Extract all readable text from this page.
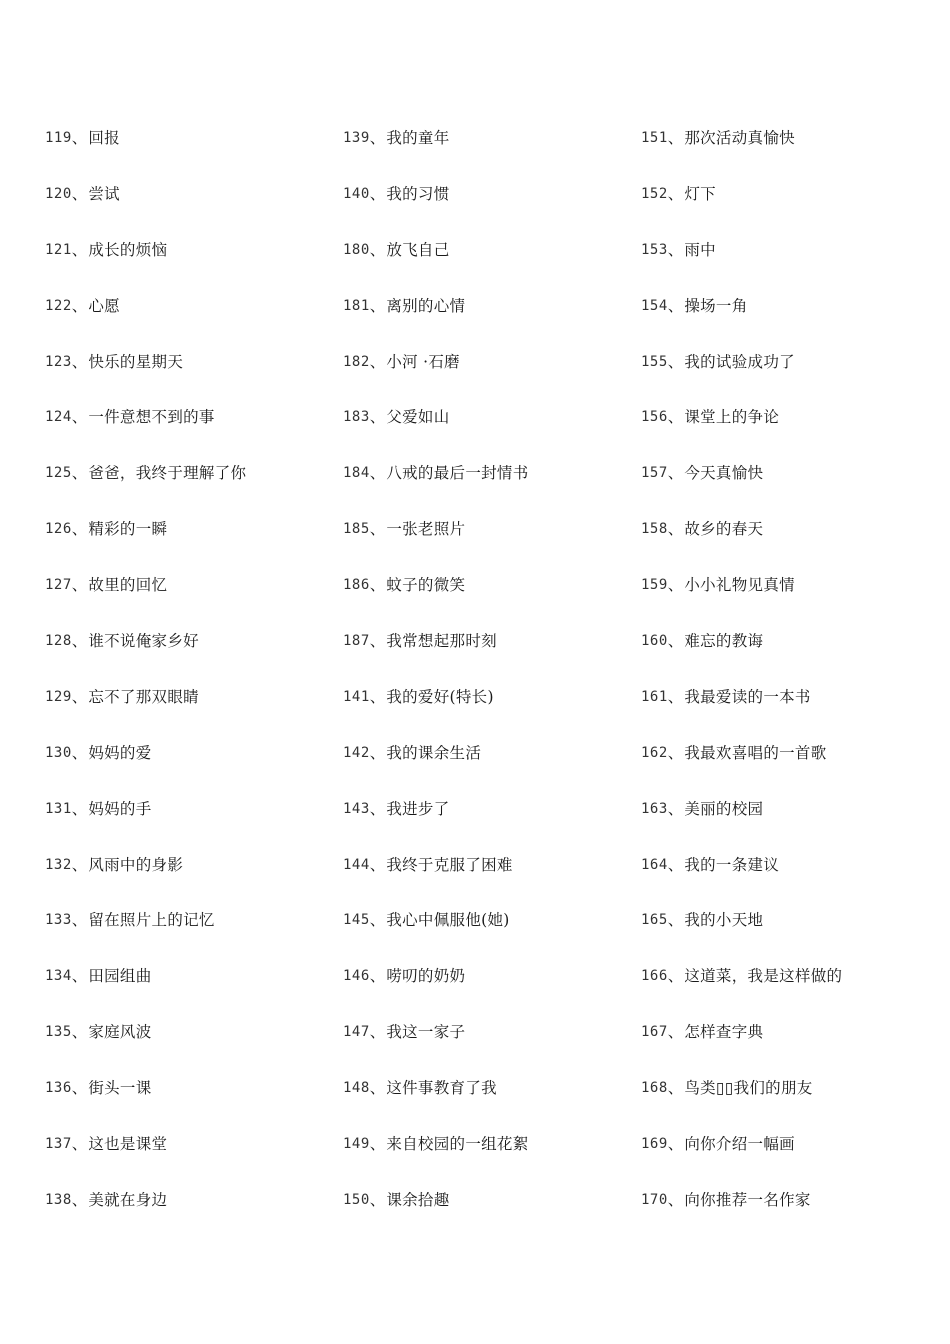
119 、 回报
120 、 尝试
121 、 成长的烦恼
122 、 心愿
123 、 快乐的星期天
124 、 一件意想不到的事
125 、 爸爸，我终于理解了你
126 、 精彩的一瞬
127 、 故里的回忆
128 、 谁不说俺家乡好
129 、 忘不了那双眼睛
130 、 妈妈的爱
131 、 妈妈的手
132 、 风雨中的身影
133 、 留在照片上的记忆
134 、 田园组曲
135 、 家庭风波
136 、 街头一课
137 、 这也是课堂
138 、 美就在身边
139 、 我的童年
140 、 我的习惯
180 、 放飞自己
181 、 离别的心情
182 、 小河 ·石磨
183 、 父爱如山
184 、 八戒的最后一封情书
185 、 一张老照片
186 、 蚊子的微笑
187 、 我常想起那时刻
141 、 我的爱好(特长)
142 、 我的课余生活
143 、 我进步了
144 、 我终于克服了困难
145 、 我心中佩服他(她)
146 、 唠叨的奶奶
147 、 我这一家子
148 、 这件事教育了我
149 、 来自校园的一组花絮
150 、 课余拾趣
151 、 那次活动真愉快
152 、 灯下
153 、 雨中
154 、 操场一角
155 、 我的试验成功了
156 、 课堂上的争论
157 、 今天真愉快
158 、 故乡的春天
159 、 小小礼物见真情
160 、 难忘的教诲
161 、 我最爱读的一本书
162 、 我最欢喜唱的一首歌
163 、 美丽的校园
164 、 我的一条建议
165 、 我的小天地
166 、 这道菜，我是这样做的
167 、 怎样查字典
168 、 鸟类▯▯我们的朋友
169 、 向你介绍一幅画
170 、 向你推荐一名作家
